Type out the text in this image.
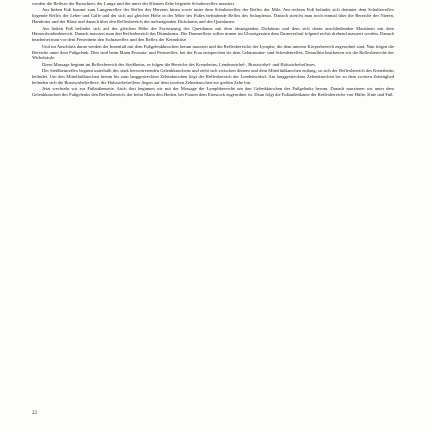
werden die Reflexe der Bronchien, der Lunge und der unter der Kleinen Zehe liegende Schulterreflex massiert.

Am linken Fuß kommt zum Lungenreflex der Reflex des Herzens hinzu sowie unter dem Schulterreflex der Reflex der Milz. Am rechten Fuß befindet sich darunter dem Schulterreflex liegende Reflex der Leber und Galle und der sich auf gleicher Höhe in der Mitte des Fußes befindende Reflex des Solarplexus. Danach streicht man noch einmal über die Bereiche der Nieren, Harnleiter und der Blase und danach über den Reflexbereich des aufsteigenden Dickdarms und des Querdarms.

Am linken Fuß befindet sich auf der gleichen Höhe die Fortsetzung des Querdarms mit dem absteigenden Dickdarm und dem sich daran anschließenden Mastdarm mit dem Hämorrhoidenbereich. Danach massiert man den Reflexbereich des Dünndarms. Die Darmreflexe sollen immer im Uhrzeigersinn dem Darmverlauf folgend rechts drehend massiert werden. Danach bearbeitet man vor dem Fersenbein den Ischiasreflex und den Reflex der Keimdrüse.

Und im Anschluss daran werden der Innenfuß mit dem Fußgelenkknochen herum massiert und die Reflexbereiche der Lymphe, die dem unteren Körperbereich zugeordnet sind. Nun folgen die Bereiche unter dem Fußgelenk. Dies sind beim Mann Prostata- und Penisreflex, bei der Frau entsprechen sie dem Gebärmutter- und Scheidenreflex. Daraufhin bearbeiten wir die Reflexbereiche der Wirbelsäule.

Diese Massage beginnt im Reflexbereich des Steißbeins, es folgen die Bereiche des Kreuzbeins, Lendenwirbel-, Brustwirbel- und Halswirbelreflexes.

Der Steißbeinreflex beginnt unterhalb des stark hervortretenden Gelenkknochens und zieht sich zwischen diesem und dem Mittelfußknochen entlang, so sich der Reflexbereich des Kreuzbeins befindet. Um den Mittelfußknochen herum bis zum langgestreckten Zehenknochen liegt der Reflexbereich der Lendenwirbel. Am langgestreckten Zehenknochen bis zu dem zweiten Zehenglied befinden sich die Brustwirbelreflexe, die Halswirbelreflexe liegen auf dem zweiten Zehenknochen zur großen Zehe hin.

Jetzt wechseln wir zur Fußaußenseite. Auch dort beginnen wir mit der Massage der Lymphbereiche um den Gelenkknochen des Fußgelenks herum. Danach massieren wir unter dem Gelenkknochen des Fußgelenks den Reflexbereich, der beim Mann den Hoden, bei Frauen dem Eierstock zugeordnet ist. Dann folgt die Fußaußenkante der Reflexbereiche von Hüfte, Knie und Fuß.

22
